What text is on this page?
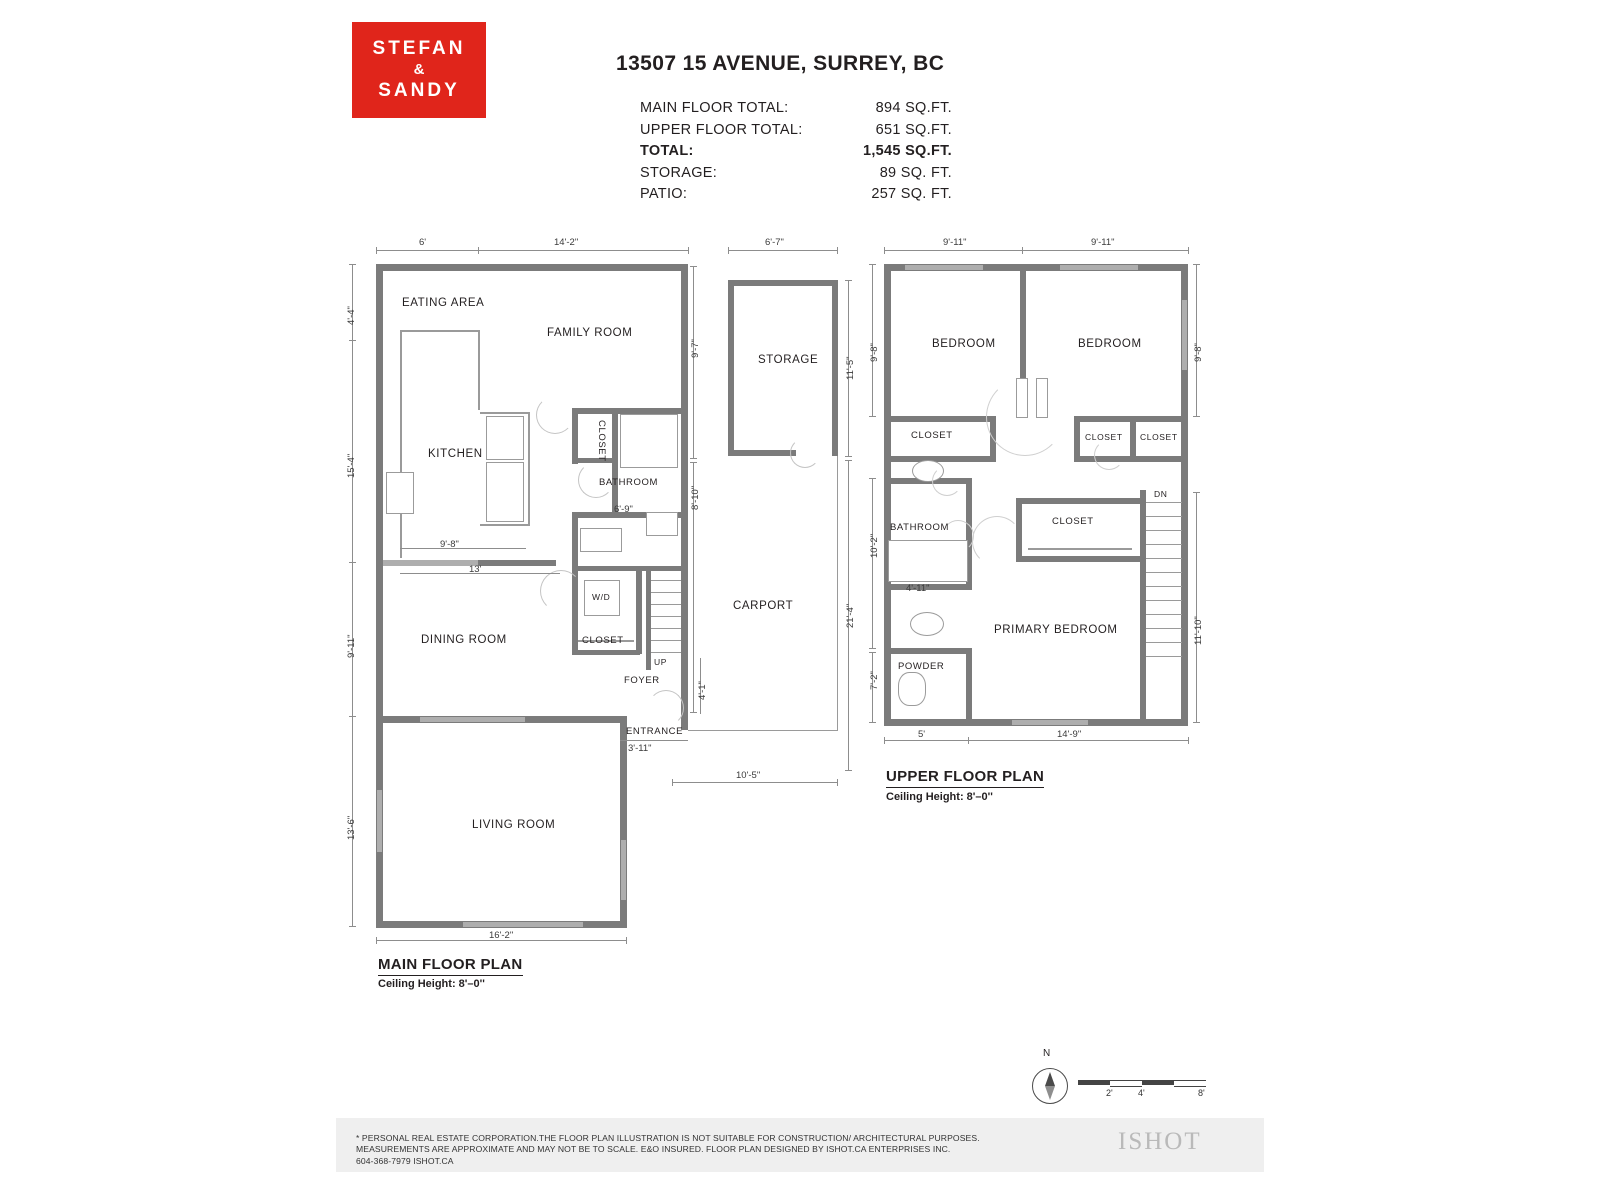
STEFAN
&
SANDY
13507 15 AVENUE, SURREY, BC
MAIN FLOOR TOTAL:	894 SQ.FT.
UPPER FLOOR TOTAL:	651 SQ.FT.
TOTAL:	1,545 SQ.FT.
STORAGE:	89 SQ. FT.
PATIO:	257 SQ. FT.
EATING AREA
FAMILY ROOM
KITCHEN	CLOSET
BATHROOM
DINING ROOM
W/D
CLOSET
FOYER
UP
ENTRANCE
LIVING ROOM
STORAGE
CARPORT
6'	14'-2"	6'-7"
4'-4"
15'-4"
9'-11"
13'-6"
9'-8"
13'
9'-7"
8'-10"
6'-9"
11'-5"
21'-4"
4'-1"
3'-11"
10'-5"
16'-2"
MAIN FLOOR PLAN
Ceiling Height: 8'–0''
BEDROOM	BEDROOM
CLOSET	CLOSET CLOSET
CLOSET
BATHROOM
PRIMARY BEDROOM
POWDER
DN
9'-11"	9'-11"
9'-8"
10'-2"
7'-2"
9'-8"
11'-10"
4'-11"
5'	14'-9"
UPPER FLOOR PLAN
Ceiling Height: 8'–0''
N
2'	4'	8'
* PERSONAL REAL ESTATE CORPORATION.THE FLOOR PLAN ILLUSTRATION IS NOT SUITABLE FOR CONSTRUCTION/ ARCHITECTURAL PURPOSES.
MEASUREMENTS ARE APPROXIMATE AND MAY NOT BE TO SCALE. E&O INSURED. FLOOR PLAN DESIGNED BY ISHOT.CA ENTERPRISES INC.
604-368-7979 ISHOT.CA
ISHOT
